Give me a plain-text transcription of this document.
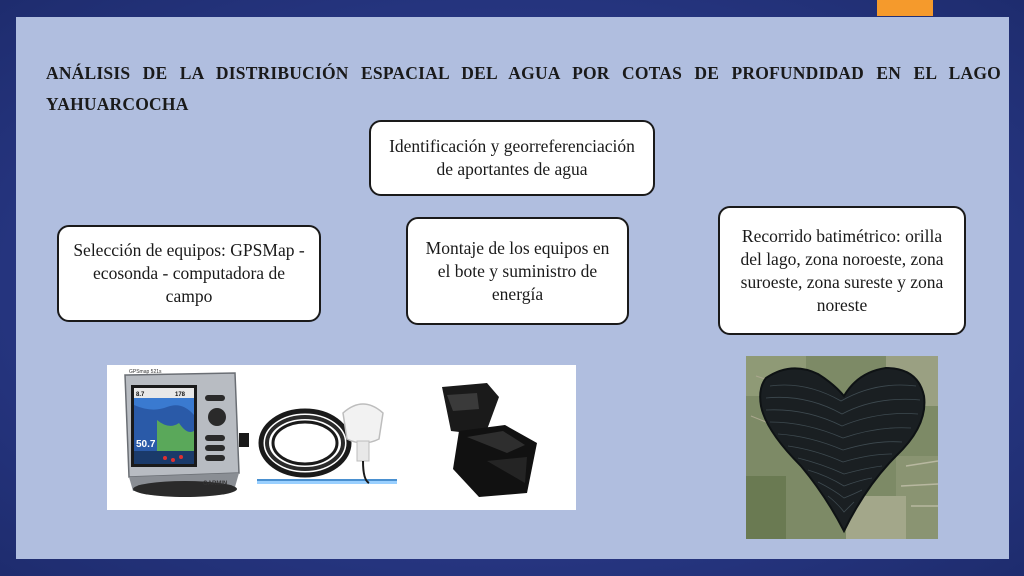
ANÁLISIS DE LA DISTRIBUCIÓN ESPACIAL DEL AGUA POR COTAS DE PROFUNDIDAD EN EL LAGO YAHUARCOCHA
Identificación y georreferenciación de aportantes de agua
Selección de equipos: GPSMap - ecosonda - computadora de campo
Montaje de los equipos en el bote y suministro de energía
Recorrido batimétrico: orilla del lago, zona noroeste, zona suroeste, zona sureste y zona noreste
GPSmap 521s
8.7	178
50.7
GARMIN
